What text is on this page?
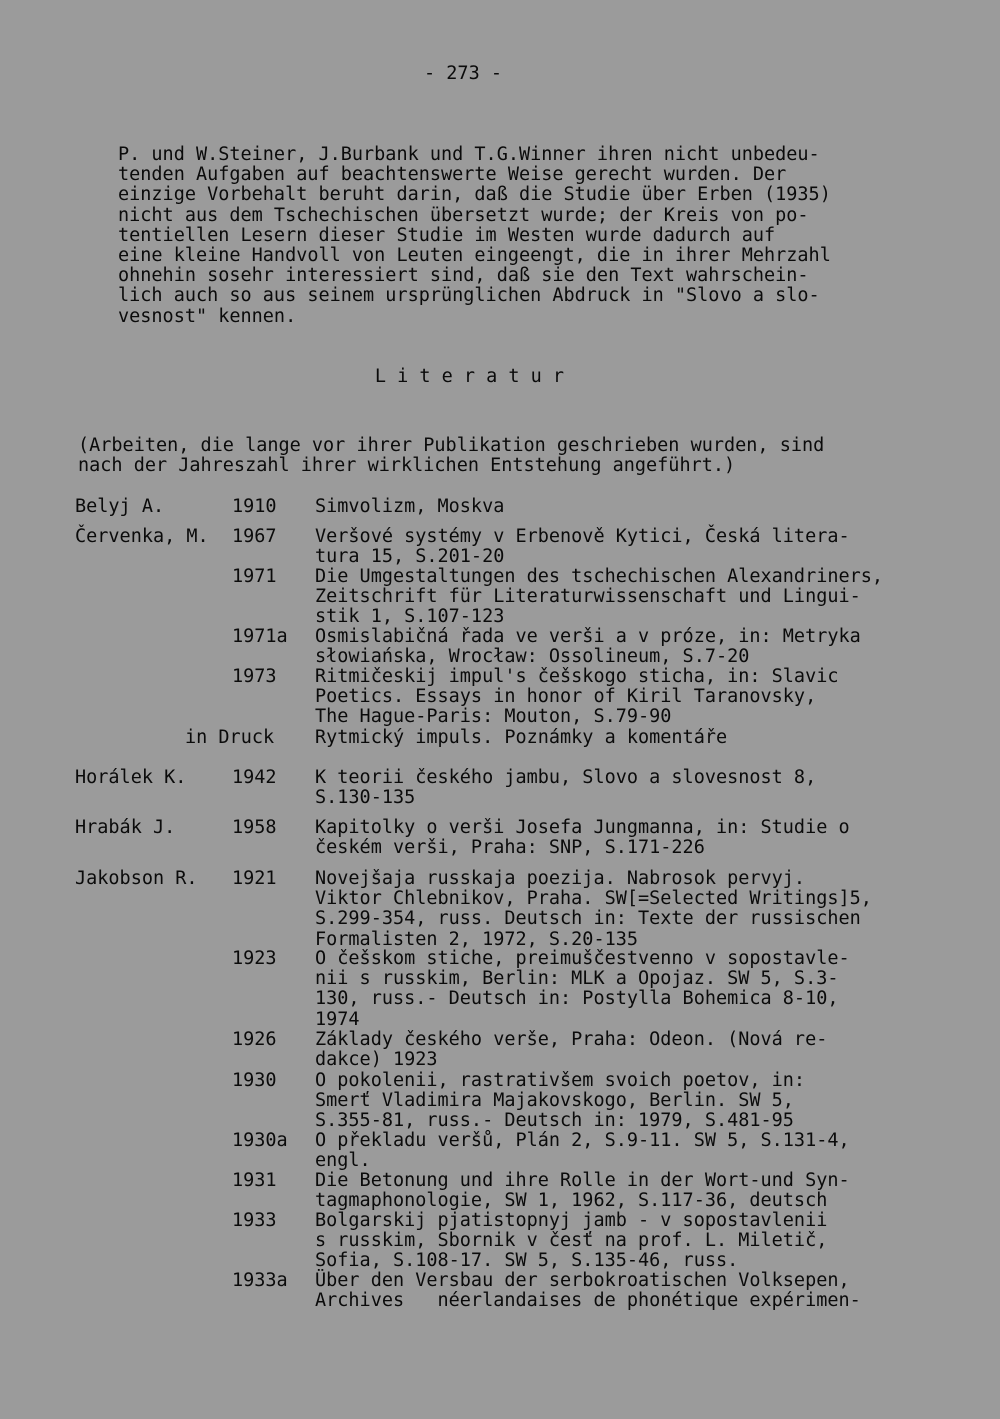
- 273 -
P. und W.Steiner, J.Burbank und T.G.Winner ihren nicht unbedeu-
tenden Aufgaben auf beachtenswerte Weise gerecht wurden. Der
einzige Vorbehalt beruht darin, daß die Studie über Erben (1935)
nicht aus dem Tschechischen übersetzt wurde; der Kreis von po-
tentiellen Lesern dieser Studie im Westen wurde dadurch auf
eine kleine Handvoll von Leuten eingeengt, die in ihrer Mehrzahl
ohnehin sosehr interessiert sind, daß sie den Text wahrschein-
lich auch so aus seinem ursprünglichen Abdruck in "Slovo a slo-
vesnost" kennen.
Literatur
(Arbeiten, die lange vor ihrer Publikation geschrieben wurden, sind
nach der Jahreszahl ihrer wirklichen Entstehung angeführt.)
Belyj A.	1910 Simvolizm, Moskva
Červenka, M. 1967 Veršové systémy v Erbenově Kytici, Česká litera-
tura 15, S.201-20
1971 Die Umgestaltungen des tschechischen Alexandriners,
Zeitschrift für Literaturwissenschaft und Lingui-
stik 1, S.107-123
1971a Osmislabičná řada ve verši a v próze, in: Metryka
słowiańska, Wrocław: Ossolineum, S.7-20
1973 Ritmičeskij impul's češskogo sticha, in: Slavic
Poetics. Essays in honor of Kiril Taranovsky,
The Hague-Paris: Mouton, S.79-90
in Druck Rytmický impuls. Poznámky a komentáře
Horálek K. 1942 K teorii českého jambu, Slovo a slovesnost 8,
S.130-135
Hrabák J.	1958 Kapitolky o verši Josefa Jungmanna, in: Studie o
českém verši, Praha: SNP, S.171-226
Jakobson R. 1921 Novejšaja russkaja poezija. Nabrosok pervyj.
Viktor Chlebnikov, Praha. SW[=Selected Writings]5,
S.299-354, russ. Deutsch in: Texte der russischen
Formalisten 2, 1972, S.20-135
1923 O češskom stiche, preimuščestvenno v sopostavle-
nii s russkim, Berlin: MLK a Opojaz. SW 5, S.3-
130, russ.- Deutsch in: Postylla Bohemica 8-10,
1974
1926 Základy českého verše, Praha: Odeon. (Nová re-
dakce) 1923
1930 O pokolenii, rastrativšem svoich poetov, in:
Smerť Vladimira Majakovskogo, Berlin. SW 5,
S.355-81, russ.- Deutsch in: 1979, S.481-95
1930a O překladu veršů, Plán 2, S.9-11. SW 5, S.131-4,
engl.
1931 Die Betonung und ihre Rolle in der Wort-und Syn-
tagmaphonologie, SW 1, 1962, S.117-36, deutsch
1933 Bolgarskij pjatistopnyj jamb - v sopostavlenii
s russkim, Sbornik v česť na prof. L. Miletič,
Sofia, S.108-17. SW 5, S.135-46, russ.
1933a Über den Versbau der serbokroatischen Volksepen,
Archives   néerlandaises de phonétique expérimen-
